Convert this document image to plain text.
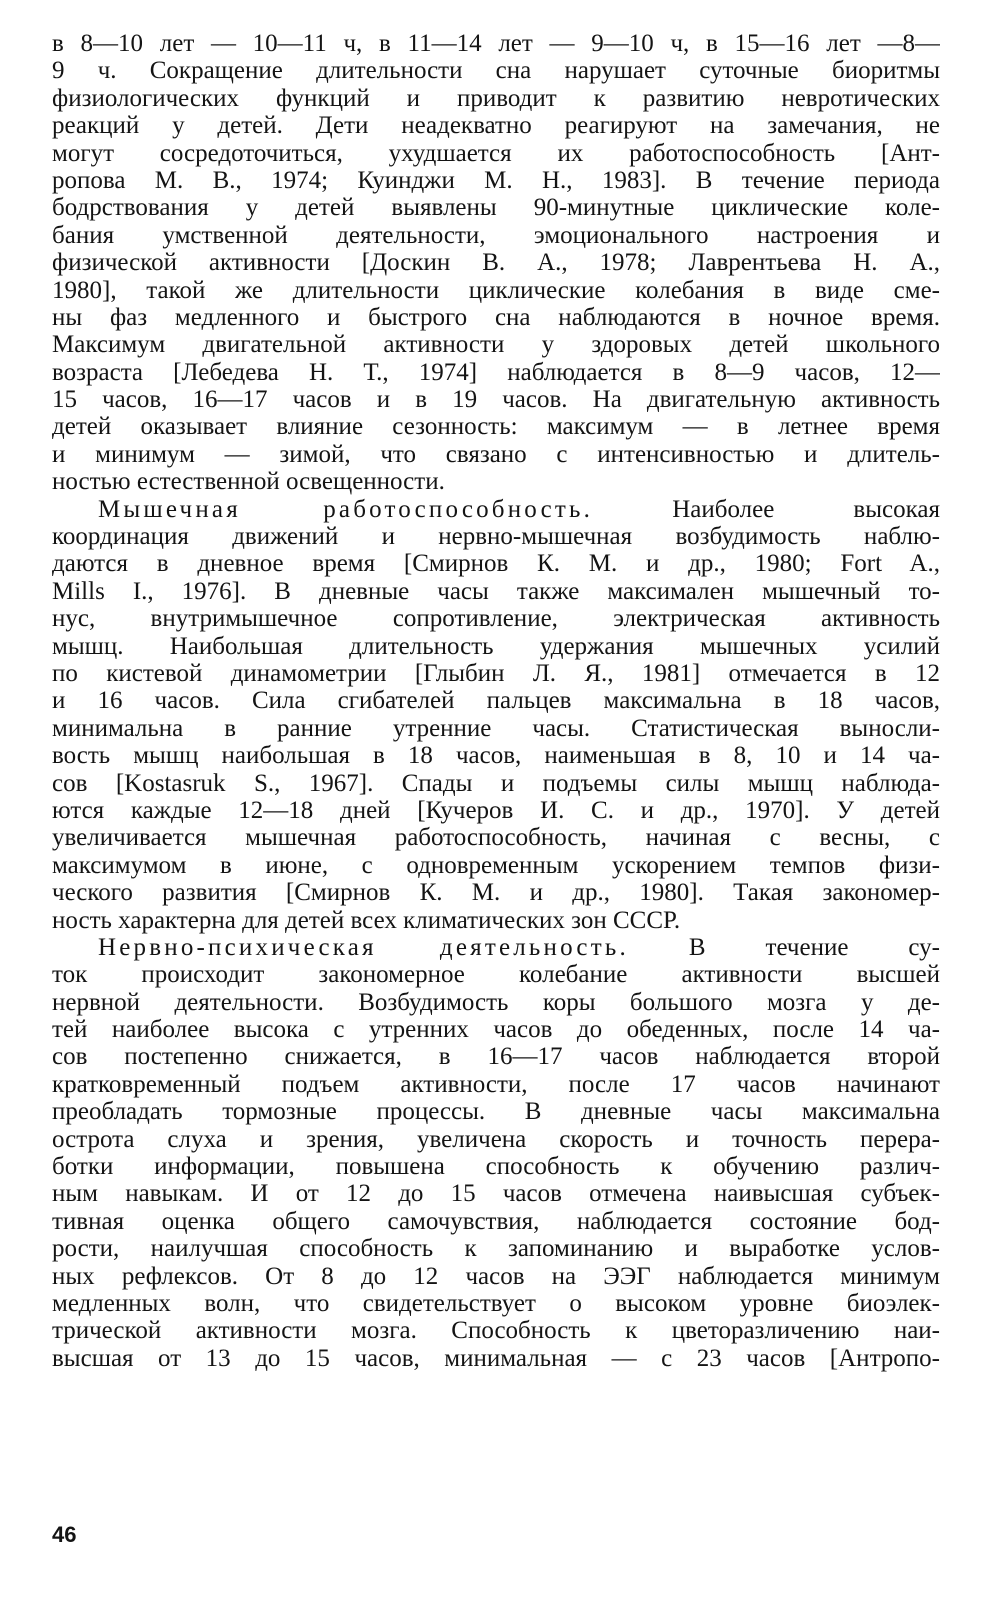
в 8—10 лет — 10—11 ч, в 11—14 лет — 9—10 ч, в 15—16 лет —8—
9 ч. Сокращение длительности сна нарушает суточные биоритмы
физиологических функций и приводит к развитию невротических
реакций у детей. Дети неадекватно реагируют на замечания, не
могут сосредоточиться, ухудшается их работоспособность [Ант-
ропова М. В., 1974; Куинджи М. Н., 1983]. В течение периода
бодрствования у детей выявлены 90-минутные циклические коле-
бания умственной деятельности, эмоционального настроения и
физической активности [Доскин В. А., 1978; Лаврентьева Н. А.,
1980], такой же длительности циклические колебания в виде сме-
ны фаз медленного и быстрого сна наблюдаются в ночное время.
Максимум двигательной активности у здоровых детей школьного
возраста [Лебедева Н. Т., 1974] наблюдается в 8—9 часов, 12—
15 часов, 16—17 часов и в 19 часов. На двигательную активность
детей оказывает влияние сезонность: максимум — в летнее время
и минимум — зимой, что связано с интенсивностью и длитель-
ностью естественной освещенности.
Мышечная работоспособность.	Наиболее высокая
координация движений и нервно-мышечная возбудимость наблю-
даются в дневное время [Смирнов К. М. и др., 1980; Fort A.,
Mills I., 1976]. В дневные часы также максимален мышечный то-
нус, внутримышечное сопротивление, электрическая активность
мышц. Наибольшая длительность удержания мышечных усилий
по кистевой динамометрии [Глыбин Л. Я., 1981] отмечается в 12
и 16 часов. Сила сгибателей пальцев максимальна в 18 часов,
минимальна в ранние утренние часы. Статистическая выносли-
вость мышц наибольшая в 18 часов, наименьшая в 8, 10 и 14 ча-
сов [Kostasruk S., 1967]. Спады и подъемы силы мышц наблюда-
ются каждые 12—18 дней [Кучеров И. С. и др., 1970]. У детей
увеличивается мышечная работоспособность, начиная с весны, с
максимумом в июне, с одновременным ускорением темпов физи-
ческого развития [Смирнов К. М. и др., 1980]. Такая закономер-
ность характерна для детей всех климатических зон СССР.
Нервно-психическая деятельность. В течение су-
ток происходит закономерное колебание активности высшей
нервной деятельности. Возбудимость коры большого мозга у де-
тей наиболее высока с утренних часов до обеденных, после 14 ча-
сов постепенно снижается, в 16—17 часов наблюдается второй
кратковременный подъем активности, после 17 часов начинают
преобладать тормозные процессы. В дневные часы максимальна
острота слуха и зрения, увеличена скорость и точность перера-
ботки информации, повышена способность к обучению различ-
ным навыкам. И от 12 до 15 часов отмечена наивысшая субъек-
тивная оценка общего самочувствия, наблюдается состояние бод-
рости, наилучшая способность к запоминанию и выработке услов-
ных рефлексов. От 8 до 12 часов на ЭЭГ наблюдается минимум
медленных волн, что свидетельствует о высоком уровне биоэлек-
трической активности мозга. Способность к цветоразличению наи-
высшая от 13 до 15 часов, минимальная — с 23 часов [Антропо-
46
